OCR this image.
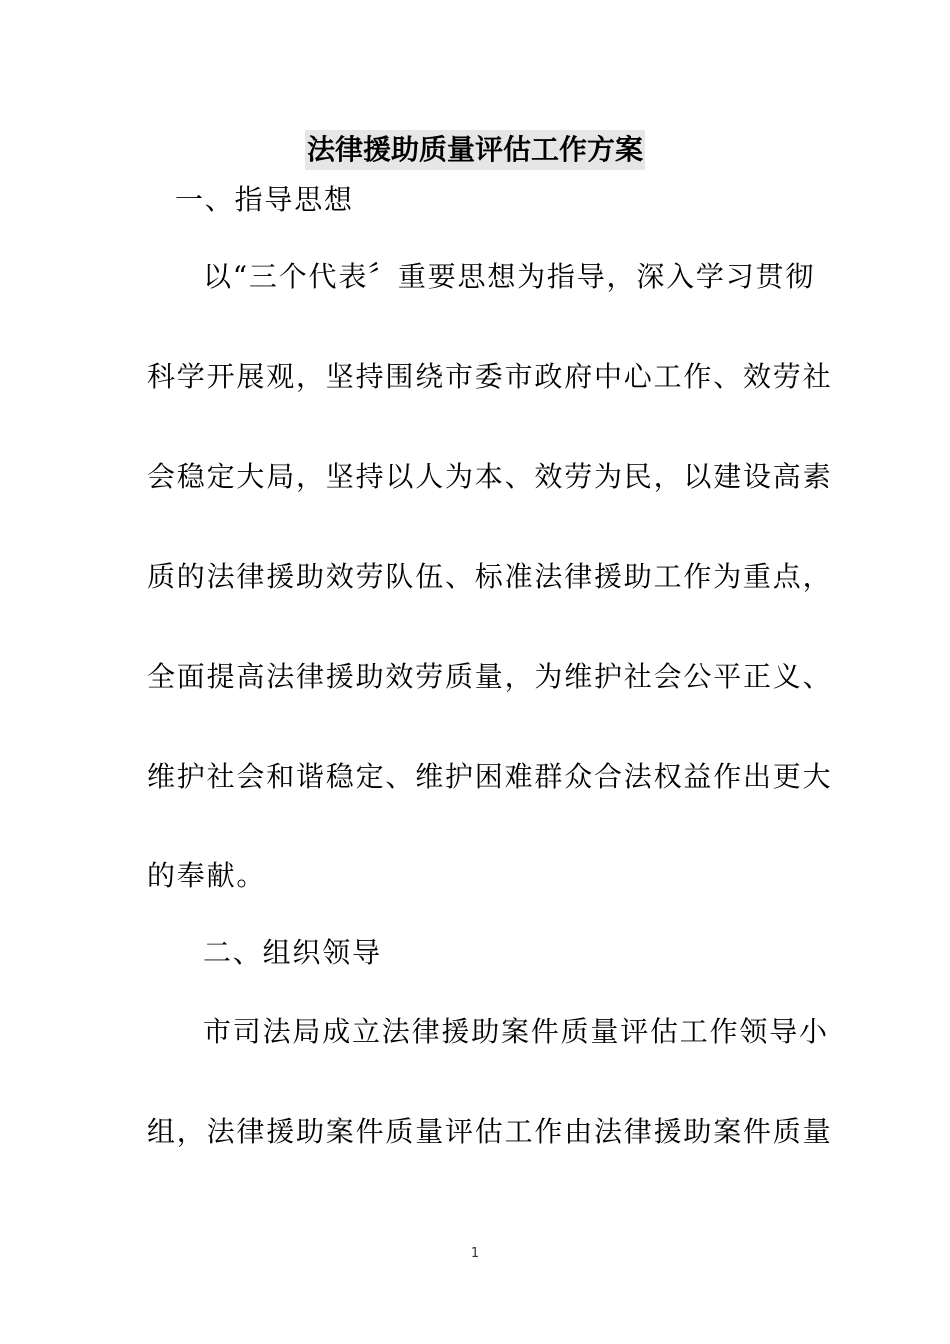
法律援助质量评估工作方案
一、指导思想
以“三个代表〞重要思想为指导，深入学习贯彻
科学开展观，坚持围绕市委市政府中心工作、效劳社
会稳定大局，坚持以人为本、效劳为民，以建设高素
质的法律援助效劳队伍、标准法律援助工作为重点，
全面提高法律援助效劳质量，为维护社会公平正义、
维护社会和谐稳定、维护困难群众合法权益作出更大
的奉献。
二、组织领导
市司法局成立法律援助案件质量评估工作领导小
组，法律援助案件质量评估工作由法律援助案件质量
1
